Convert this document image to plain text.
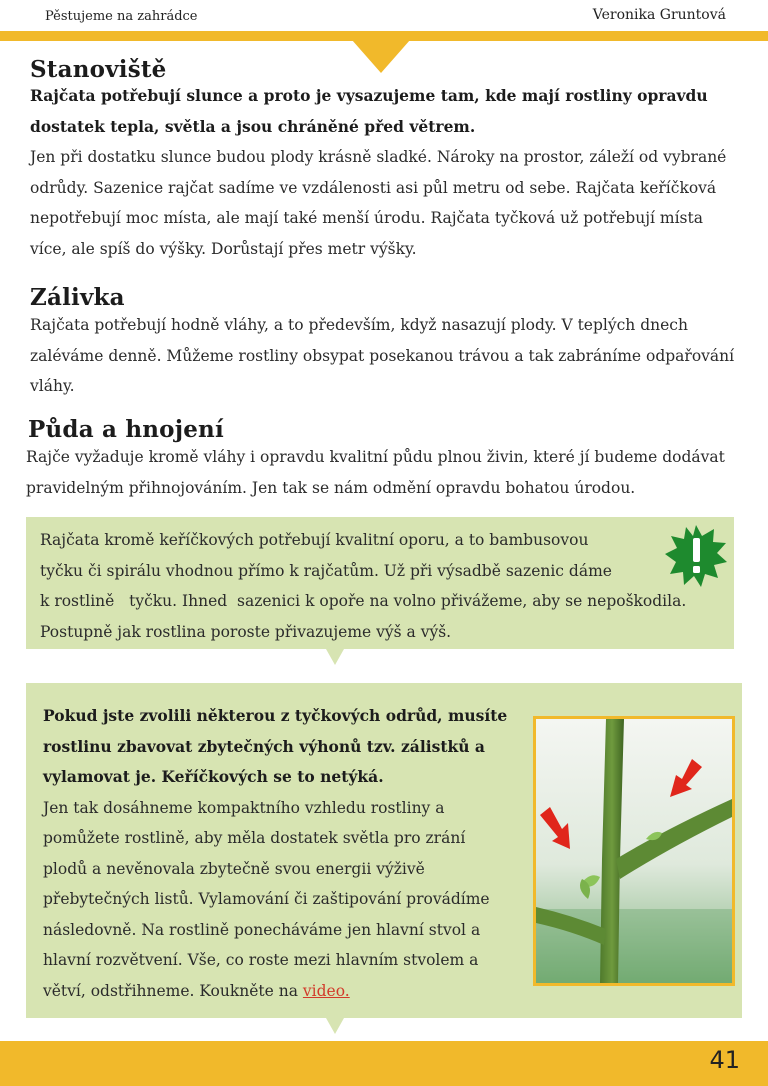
Pěstujeme na zahrádce	Veronika Gruntová
Stanoviště

Rajčata potřebují slunce a proto je vysazujeme tam, kde mají rostliny opravdu dostatek tepla, světla a jsou chráněné před větrem.
Jen při dostatku slunce budou plody krásně sladké. Nároky na prostor, záleží od vybrané odrůdy. Sazenice rajčat sadíme ve vzdálenosti asi půl metru od sebe. Rajčata keříčková nepotřebují moc místa, ale mají také menší úrodu. Rajčata tyčková už potřebují místa více, ale spíš do výšky. Dorůstají přes metr výšky.

Zálivka

Rajčata potřebují hodně vláhy, a to především, když nasazují plody. V teplých dnech zaléváme denně. Můžeme rostliny obsypat posekanou trávou a tak zabráníme odpařování vláhy.

Půda a hnojení

Rajče vyžaduje kromě vláhy i opravdu kvalitní půdu plnou živin, které jí budeme dodávat pravidelným přihnojováním. Jen tak se nám odmění opravdu bohatou úrodou.

Rajčata kromě keříčkových potřebují kvalitní oporu, a to bambusovou
tyčku či spirálu vhodnou přímo k rajčatům. Už při výsadbě sazenic dáme
k rostlině   tyčku. Ihned  sazenici k opoře na volno přivážeme, aby se nepoškodila.
Postupně jak rostlina poroste přivazujeme výš a výš.

Pokud jste zvolili některou z tyčkových odrůd, musíte rostlinu zbavovat zbytečných výhonů tzv. zálistků a vylamovat je. Keříčkových se to netýká.
Jen tak dosáhneme kompaktního vzhledu rostliny a pomůžete rostlině, aby měla dostatek světla pro zrání plodů a nevěnovala zbytečně svou energii výživě přebytečných listů. Vylamování či zaštipování provádíme následovně. Na rostlině ponecháváme jen hlavní stvol a hlavní rozvětvení. Vše, co roste mezi hlavním stvolem a větví, odstřihneme. Koukněte na video.

41
